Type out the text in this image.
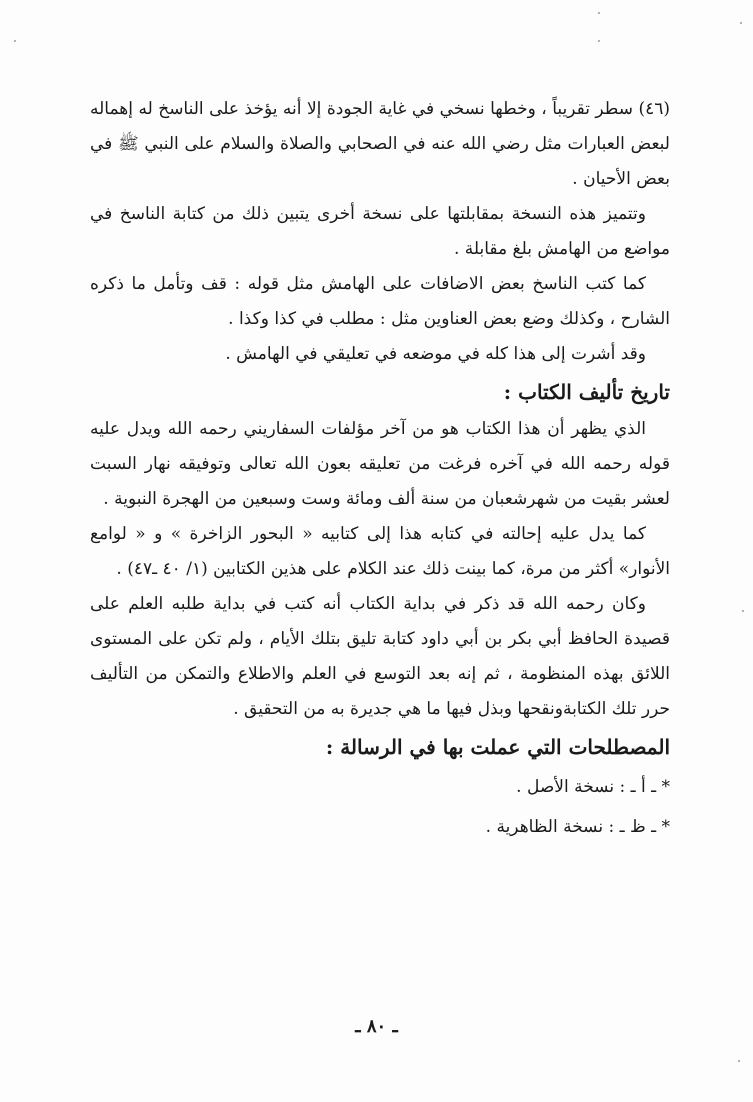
(٤٦) سطر تقريباً ، وخطها نسخي في غاية الجودة إلا أنه يؤخذ على الناسخ له إهماله لبعض العبارات مثل رضي الله عنه في الصحابي والصلاة والسلام على النبي ﷺ في بعض الأحيان .

وتتميز هذه النسخة بمقابلتها على نسخة أخرى يتبين ذلك من كتابة الناسخ في مواضع من الهامش بلغ مقابلة .

كما كتب الناسخ بعض الاضافات على الهامش مثل قوله : قف وتأمل ما ذكره الشارح ، وكذلك وضع بعض العناوين مثل : مطلب في كذا وكذا .

وقد أشرت إلى هذا كله في موضعه في تعليقي في الهامش .

تاريخ تأليف الكتاب :

الذي يظهر أن هذا الكتاب هو من آخر مؤلفات السفاريني رحمه الله ويدل عليه قوله رحمه الله في آخره فرغت من تعليقه بعون الله تعالى وتوفيقه نهار السبت لعشر بقيت من شهرشعبان من سنة ألف ومائة وست وسبعين من الهجرة النبوية .

كما يدل عليه إحالته في كتابه هذا إلى كتابيه « البحور الزاخرة » و « لوامع الأنوار» أكثر من مرة، كما بينت ذلك عند الكلام على هذين الكتابين (١/ ٤٠ ـ٤٧) .

وكان رحمه الله قد ذكر في بداية الكتاب أنه كتب في بداية طلبه العلم على قصيدة الحافظ أبي بكر بن أبي داود كتابة تليق بتلك الأيام ، ولم تكن على المستوى اللائق بهذه المنظومة ، ثم إنه بعد التوسع في العلم والاطلاع والتمكن من التأليف حرر تلك الكتابةونقحها وبذل فيها ما هي جديرة به من التحقيق .

المصطلحات التي عملت بها في الرسالة :

* ـ أ ـ : نسخة الأصل .

* ـ ظ ـ : نسخة الظاهرية .

ـ ٨٠ ـ
